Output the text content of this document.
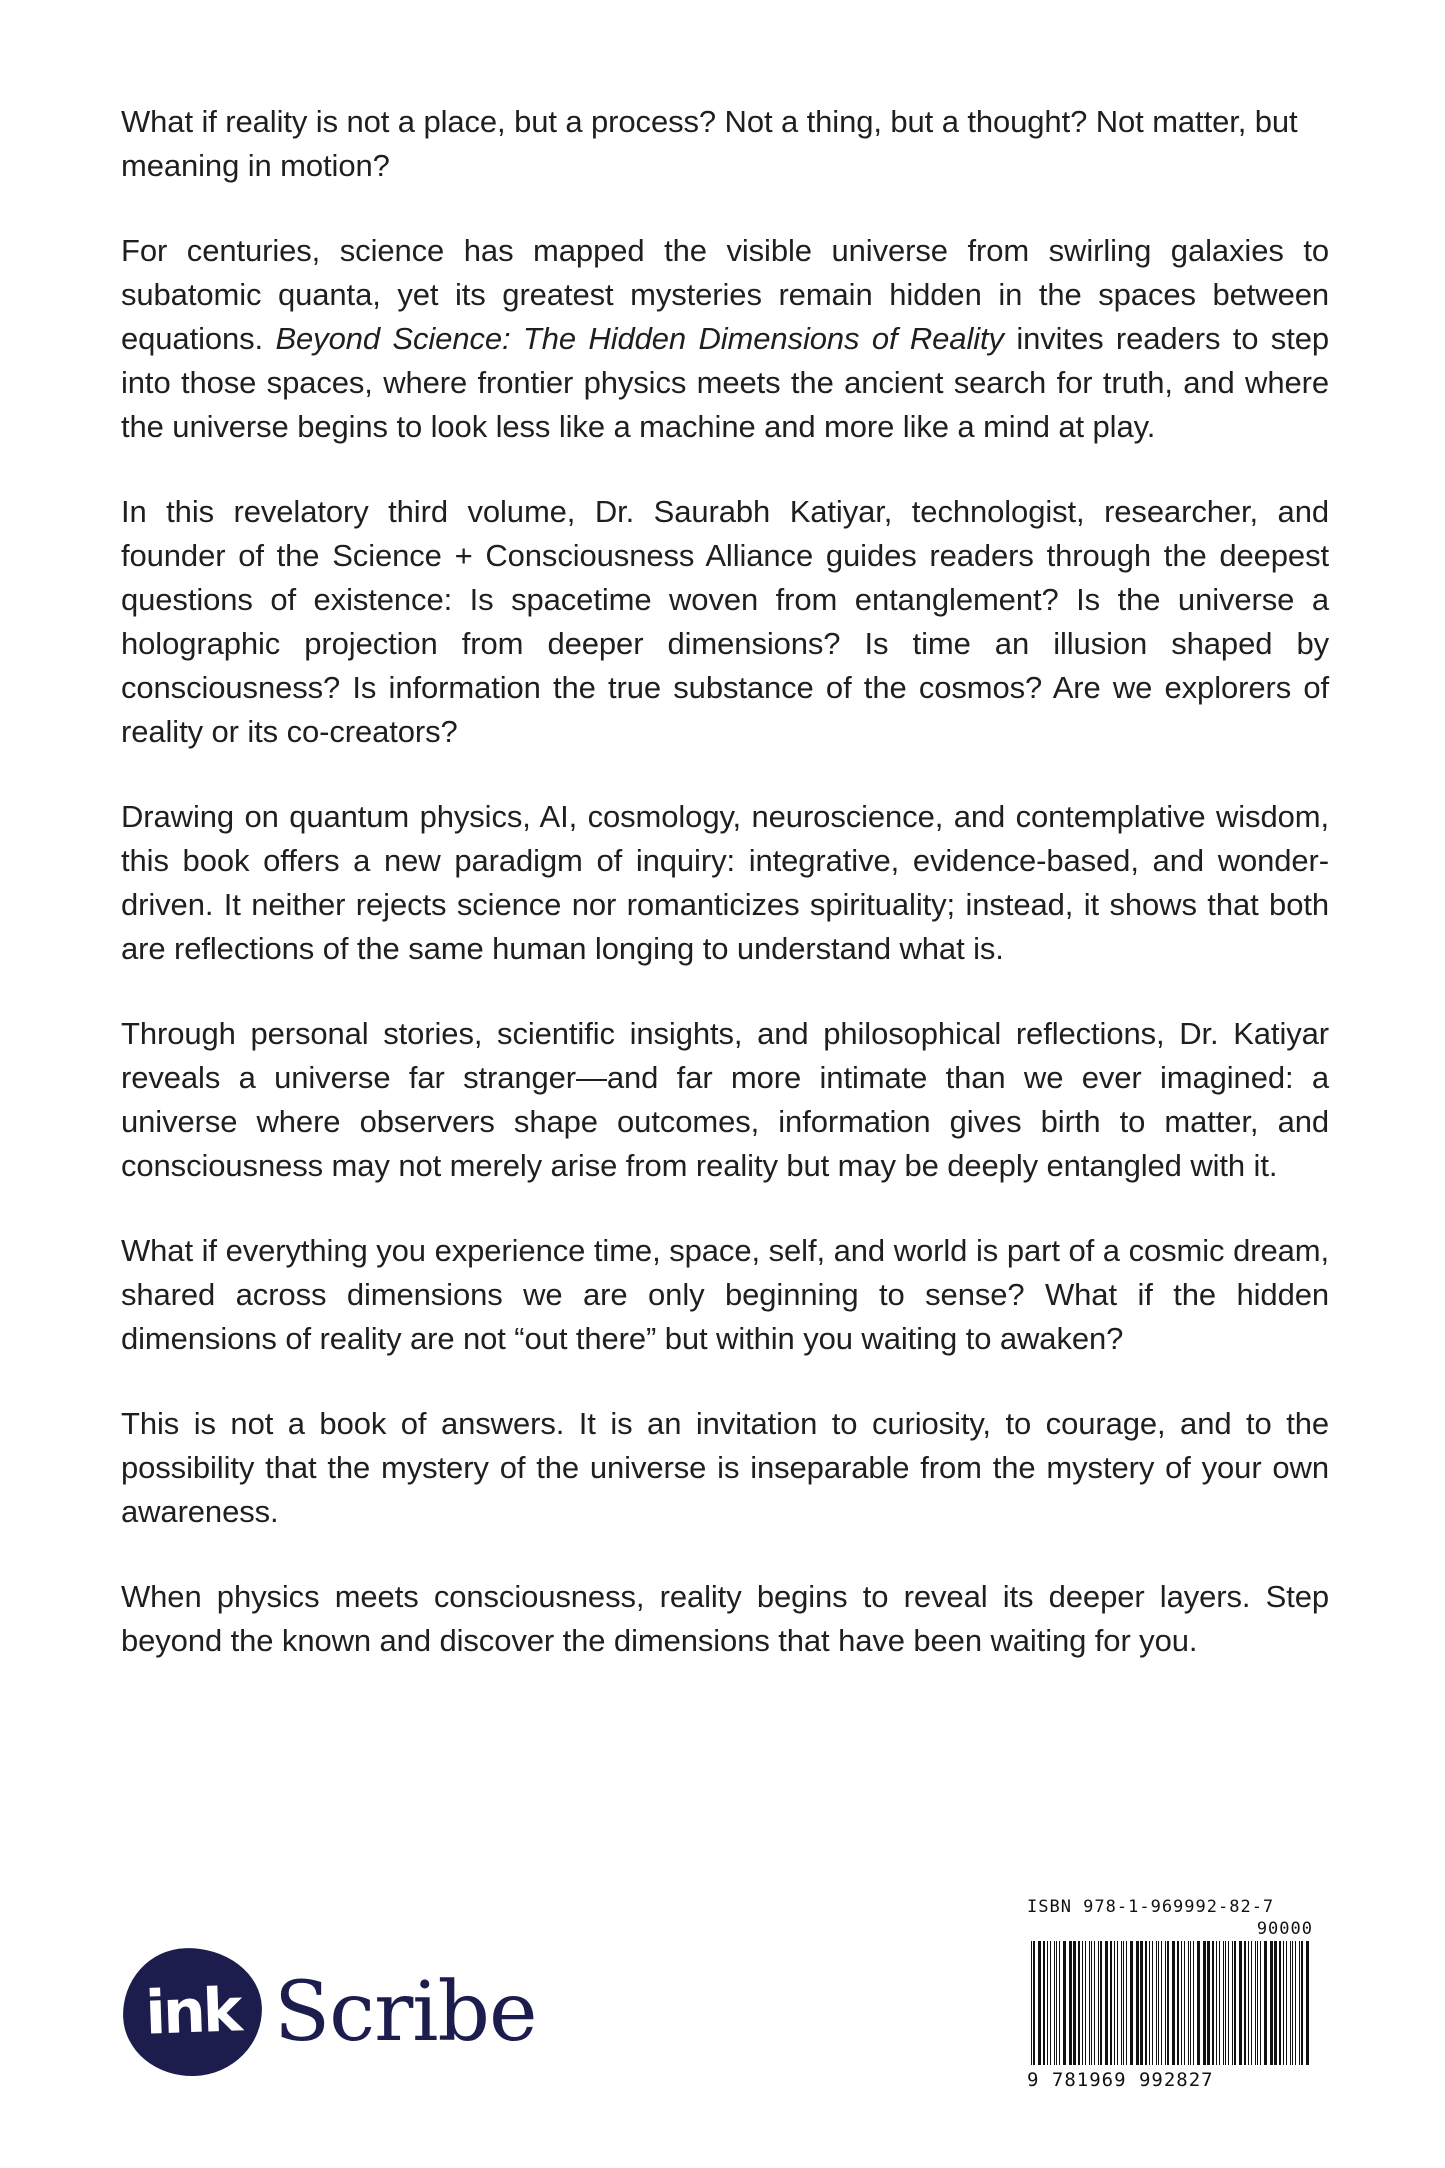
What if reality is not a place, but a process? Not a thing, but a thought? Not matter, but meaning in motion?

For centuries, science has mapped the visible universe from swirling galaxies to subatomic quanta, yet its greatest mysteries remain hidden in the spaces between equations. Beyond Science: The Hidden Dimensions of Reality invites readers to step into those spaces, where frontier physics meets the ancient search for truth, and where the universe begins to look less like a machine and more like a mind at play.

In this revelatory third volume, Dr. Saurabh Katiyar, technologist, researcher, and founder of the Science + Consciousness Alliance guides readers through the deepest questions of existence: Is spacetime woven from entanglement? Is the universe a holographic projection from deeper dimensions? Is time an illusion shaped by consciousness? Is information the true substance of the cosmos? Are we explorers of reality or its co-creators?

Drawing on quantum physics, AI, cosmology, neuroscience, and contemplative wisdom, this book offers a new paradigm of inquiry: integrative, evidence-based, and wonder-driven. It neither rejects science nor romanticizes spirituality; instead, it shows that both are reflections of the same human longing to understand what is.

Through personal stories, scientific insights, and philosophical reflections, Dr. Katiyar reveals a universe far stranger—and far more intimate than we ever imagined: a universe where observers shape outcomes, information gives birth to matter, and consciousness may not merely arise from reality but may be deeply entangled with it.

What if everything you experience time, space, self, and world is part of a cosmic dream, shared across dimensions we are only beginning to sense? What if the hidden dimensions of reality are not “out there” but within you waiting to awaken?

This is not a book of answers. It is an invitation to curiosity, to courage, and to the possibility that the mystery of the universe is inseparable from the mystery of your own awareness.

When physics meets consciousness, reality begins to reveal its deeper layers. Step beyond the known and discover the dimensions that have been waiting for you.

ink Scribe
ISBN 978-1-969992-82-7
90000
9 781969 992827
